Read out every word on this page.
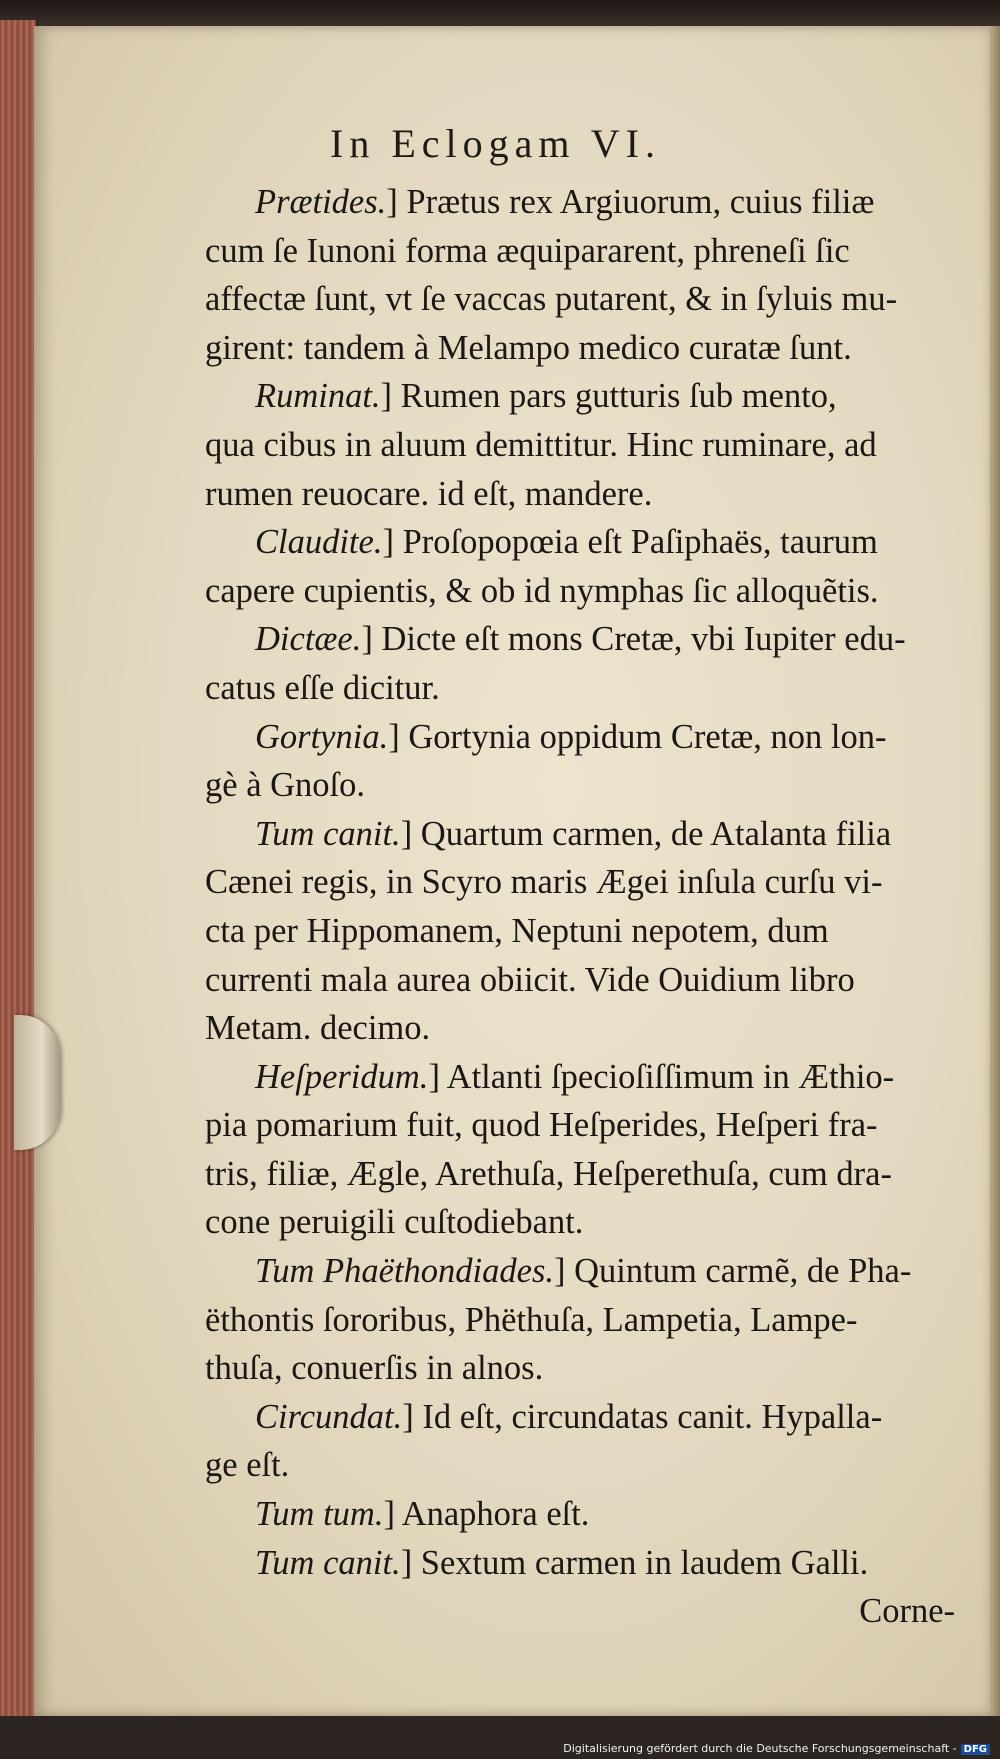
In Eclogam VI.
Prætides.] Prætus rex Argiuorum, cuius filiæ
cum ſe Iunoni forma æquipararent, phreneſi ſic
affectæ ſunt, vt ſe vaccas putarent, & in ſyluis mu-
girent: tandem à Melampo medico curatæ ſunt.
Ruminat.] Rumen pars gutturis ſub mento,
qua cibus in aluum demittitur. Hinc ruminare, ad
rumen reuocare. id eſt, mandere.
Claudite.] Proſopopœia eſt Paſiphaës, taurum
capere cupientis, & ob id nymphas ſic alloquẽtis.
Dictæe.] Dicte eſt mons Cretæ, vbi Iupiter edu-
catus eſſe dicitur.
Gortynia.] Gortynia oppidum Cretæ, non lon-
gè à Gnoſo.
Tum canit.] Quartum carmen, de Atalanta filia
Cænei regis, in Scyro maris Ægei inſula curſu vi-
cta per Hippomanem, Neptuni nepotem, dum
currenti mala aurea obiicit. Vide Ouidium libro
Metam. decimo.
Heſperidum.] Atlanti ſpecioſiſſimum in Æthio-
pia pomarium fuit, quod Heſperides, Heſperi fra-
tris, filiæ, Ægle, Arethuſa, Heſperethuſa, cum dra-
cone peruigili cuſtodiebant.
Tum Phaëthondiades.] Quintum carmẽ, de Pha-
ëthontis ſororibus, Phëthuſa, Lampetia, Lampe-
thuſa, conuerſis in alnos.
Circundat.] Id eſt, circundatas canit. Hypalla-
ge eſt.
Tum tum.] Anaphora eſt.
Tum canit.] Sextum carmen in laudem Galli.
Corne-
Digitalisierung gefördert durch die Deutsche Forschungsgemeinschaft - DFG
